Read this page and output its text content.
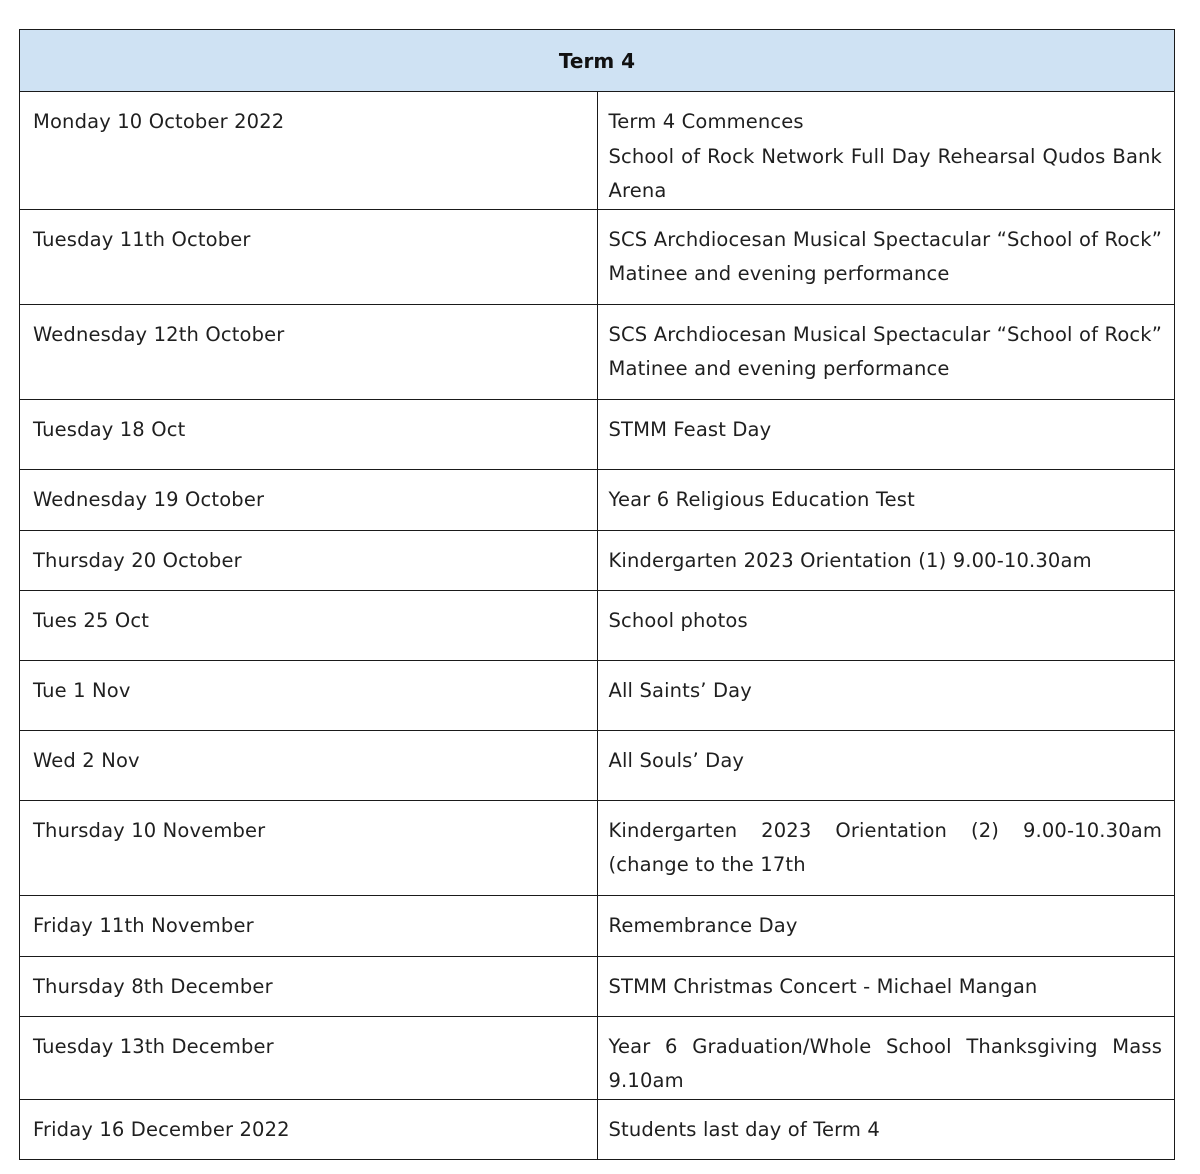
Term 4	
Monday 10 October 2022	Term 4 Commences
School of Rock Network Full Day Rehearsal Qudos Bank Arena

Tuesday 11th October	SCS Archdiocesan Musical Spectacular “School of Rock” Matinee and evening performance
Wednesday 12th October	SCS Archdiocesan Musical Spectacular “School of Rock” Matinee and evening performance
Tuesday 18 Oct	STMM Feast Day
Wednesday 19 October	Year 6 Religious Education Test
Thursday 20 October	Kindergarten 2023 Orientation (1) 9.00-10.30am
Tues 25 Oct	School photos
Tue 1 Nov	All Saints’ Day
Wed 2 Nov	All Souls’ Day
Thursday 10 November	Kindergarten 2023 Orientation (2) 9.00-10.30am (change to the 17th
Friday 11th November	Remembrance Day
Thursday 8th December	STMM Christmas Concert - Michael Mangan
Tuesday 13th December	Year 6 Graduation/Whole School Thanksgiving Mass 9.10am
Friday 16 December 2022	Students last day of Term 4
